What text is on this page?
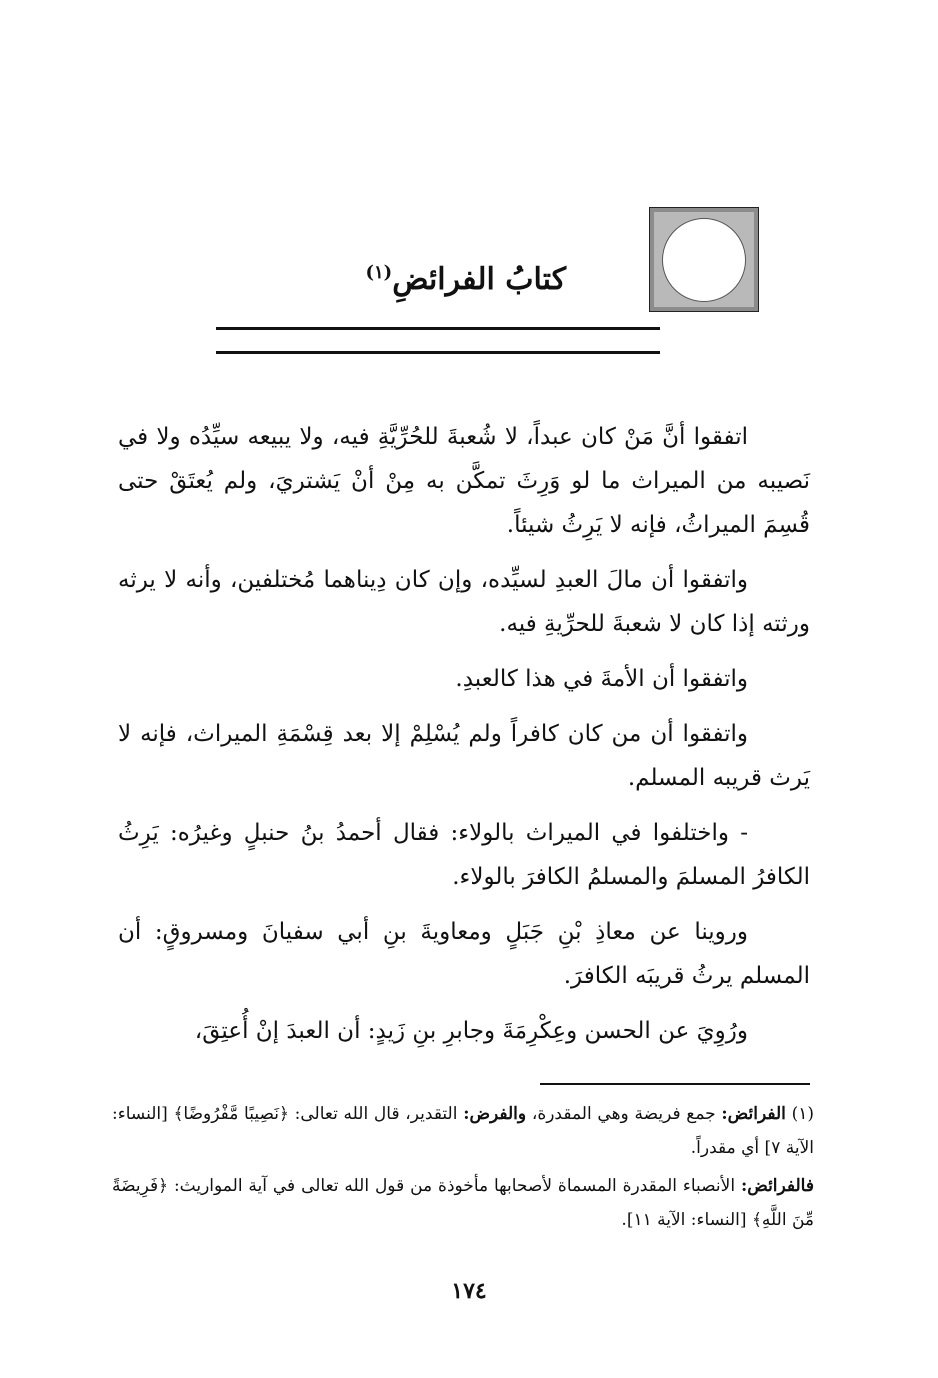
كتابُ الفرائضِ$^{(١)}$

اتفقوا أنَّ مَنْ كان عبداً، لا شُعبةَ للحُرِّيَّةِ فيه، ولا يبيعه سيِّدُه ولا في نَصيبه من الميراث ما لو وَرِثَ تمكَّن به مِنْ أنْ يَشتريَ، ولم يُعتَقْ حتى قُسِمَ الميراثُ، فإنه لا يَرِثُ شيئاً.

واتفقوا أن مالَ العبدِ لسيِّده، وإن كان دِيناهما مُختلفين، وأنه لا يرثه ورثته إذا كان لا شعبةَ للحرِّيةِ فيه.

واتفقوا أن الأمةَ في هذا كالعبدِ.

واتفقوا أن من كان كافراً ولم يُسْلِمْ إلا بعد قِسْمَةِ الميراث، فإنه لا يَرث قريبه المسلم.

- واختلفوا في الميراث بالولاء: فقال أحمدُ بنُ حنبلٍ وغيرُه: يَرِثُ الكافرُ المسلمَ والمسلمُ الكافرَ بالولاء.

وروينا عن معاذِ بْنِ جَبَلٍ ومعاويةَ بنِ أبي سفيانَ ومسروقٍ: أن المسلم يرثُ قريبَه الكافرَ.

ورُوِيَ عن الحسن وعِكْرِمَةَ وجابرِ بنِ زَيدٍ: أن العبدَ إنْ أُعتِقَ،

(١) الفرائض: جمع فريضة وهي المقدرة، والفرض: التقدير، قال الله تعالى: ﴿نَصِيبًا مَّفْرُوضًا﴾ [النساء: الآية ٧] أي مقدراً.

فالفرائض: الأنصباء المقدرة المسماة لأصحابها مأخوذة من قول الله تعالى في آية المواريث: ﴿فَرِيضَةً مِّنَ اللَّهِ﴾ [النساء: الآية ١١].

١٧٤
